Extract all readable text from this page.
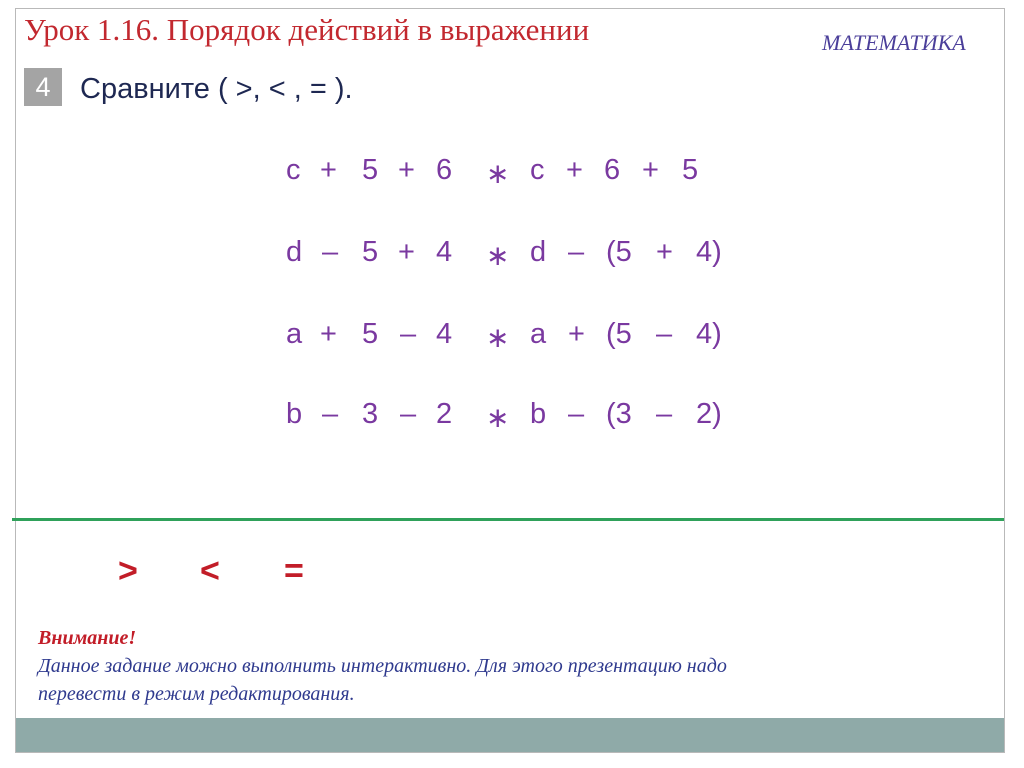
Урок 1.16. Порядок действий в выражении	МАТЕМАТИКА
4	Сравните ( >, < , = ).
c + 5 + 6 ∗ c + 6 + 5
d – 5 + 4 ∗ d – (5 + 4)
a + 5 – 4 ∗ a + (5 – 4)
b – 3 – 2 ∗ b – (3 – 2)
> < =
Внимание!
Данное задание можно выполнить интерактивно. Для этого презентацию надо перевести в режим редактирования.
